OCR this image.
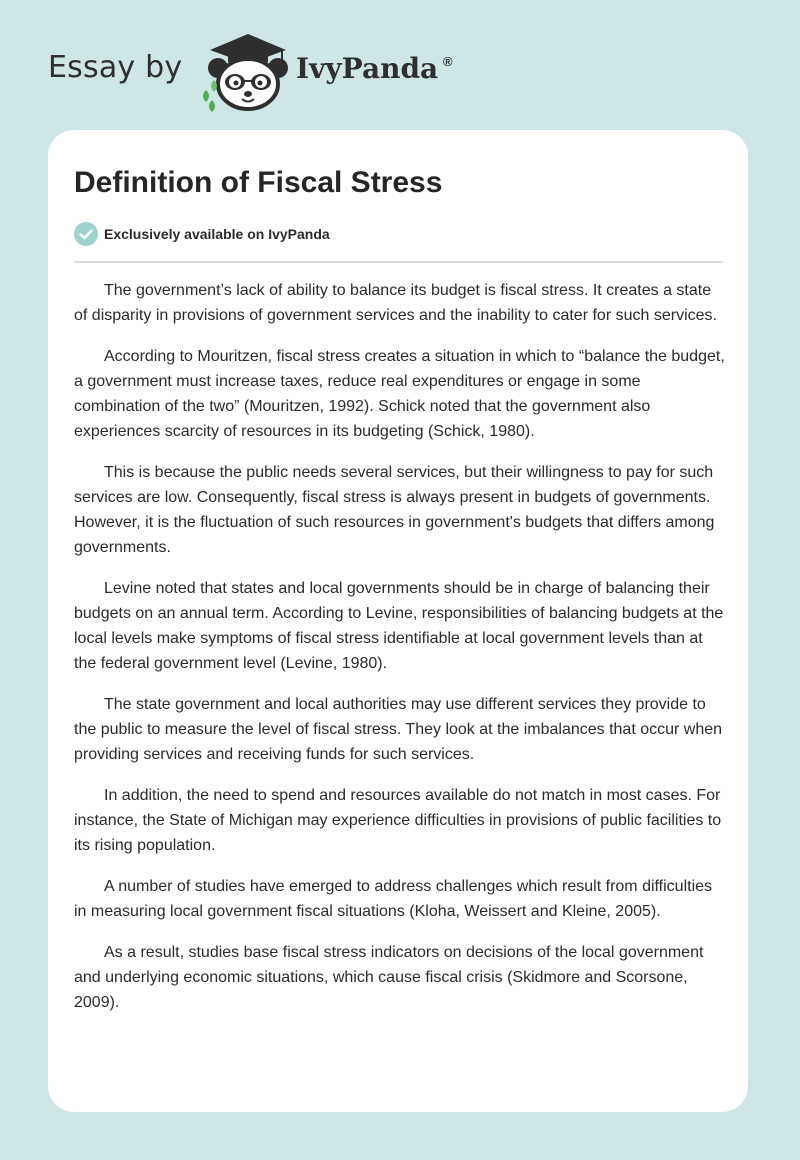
Essay by	IvyPanda ®
Definition of Fiscal Stress
Exclusively available on IvyPanda

The government’s lack of ability to balance its budget is fiscal stress. It creates a state of disparity in provisions of government services and the inability to cater for such services.

According to Mouritzen, fiscal stress creates a situation in which to “balance the budget, a government must increase taxes, reduce real expenditures or engage in some combination of the two” (Mouritzen, 1992). Schick noted that the government also experiences scarcity of resources in its budgeting (Schick, 1980).

This is because the public needs several services, but their willingness to pay for such services are low. Consequently, fiscal stress is always present in budgets of governments. However, it is the fluctuation of such resources in government's budgets that differs among governments.

Levine noted that states and local governments should be in charge of balancing their budgets on an annual term. According to Levine, responsibilities of balancing budgets at the local levels make symptoms of fiscal stress identifiable at local government levels than at the federal government level (Levine, 1980).

The state government and local authorities may use different services they provide to the public to measure the level of fiscal stress. They look at the imbalances that occur when providing services and receiving funds for such services.

In addition, the need to spend and resources available do not match in most cases. For instance, the State of Michigan may experience difficulties in provisions of public facilities to its rising population.

A number of studies have emerged to address challenges which result from difficulties in measuring local government fiscal situations (Kloha, Weissert and Kleine, 2005).

As a result, studies base fiscal stress indicators on decisions of the local government and underlying economic situations, which cause fiscal crisis (Skidmore and Scorsone, 2009).
